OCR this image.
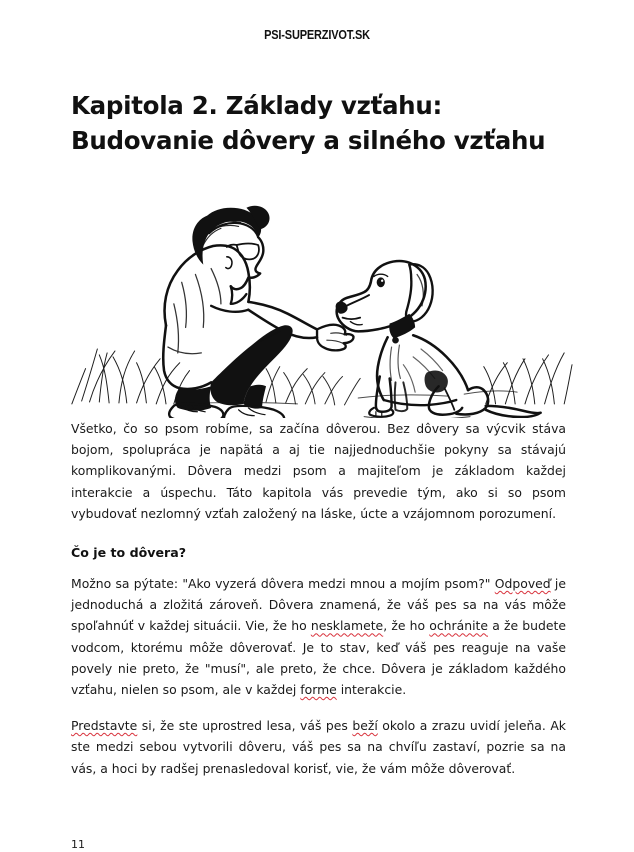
PSI-SUPERZIVOT.SK
Kapitola 2. Základy vzťahu:
Budovanie dôvery a silného vzťahu

Všetko, čo so psom robíme, sa začína dôverou. Bez dôvery sa výcvik stáva bojom, spolupráca je napätá a aj tie najjednoduchšie pokyny sa stávajú komplikovanými. Dôvera medzi psom a majiteľom je základom každej interakcie a úspechu. Táto kapitola vás prevedie tým, ako si so psom vybudovať nezlomný vzťah založený na láske, úcte a vzájomnom porozumení.

Čo je to dôvera?

Možno sa pýtate: "Ako vyzerá dôvera medzi mnou a mojím psom?" Odpoveď je jednoduchá a zložitá zároveň. Dôvera znamená, že váš pes sa na vás môže spoľahnúť v každej situácii. Vie, že ho nesklamete, že ho ochránite a že budete vodcom, ktorému môže dôverovať. Je to stav, keď váš pes reaguje na vaše povely nie preto, že "musí", ale preto, že chce. Dôvera je základom každého vzťahu, nielen so psom, ale v každej forme interakcie.

Predstavte si, že ste uprostred lesa, váš pes beží okolo a zrazu uvidí jeleňa. Ak ste medzi sebou vytvorili dôveru, váš pes sa na chvíľu zastaví, pozrie sa na vás, a hoci by radšej prenasledoval korisť, vie, že vám môže dôverovať.

11
